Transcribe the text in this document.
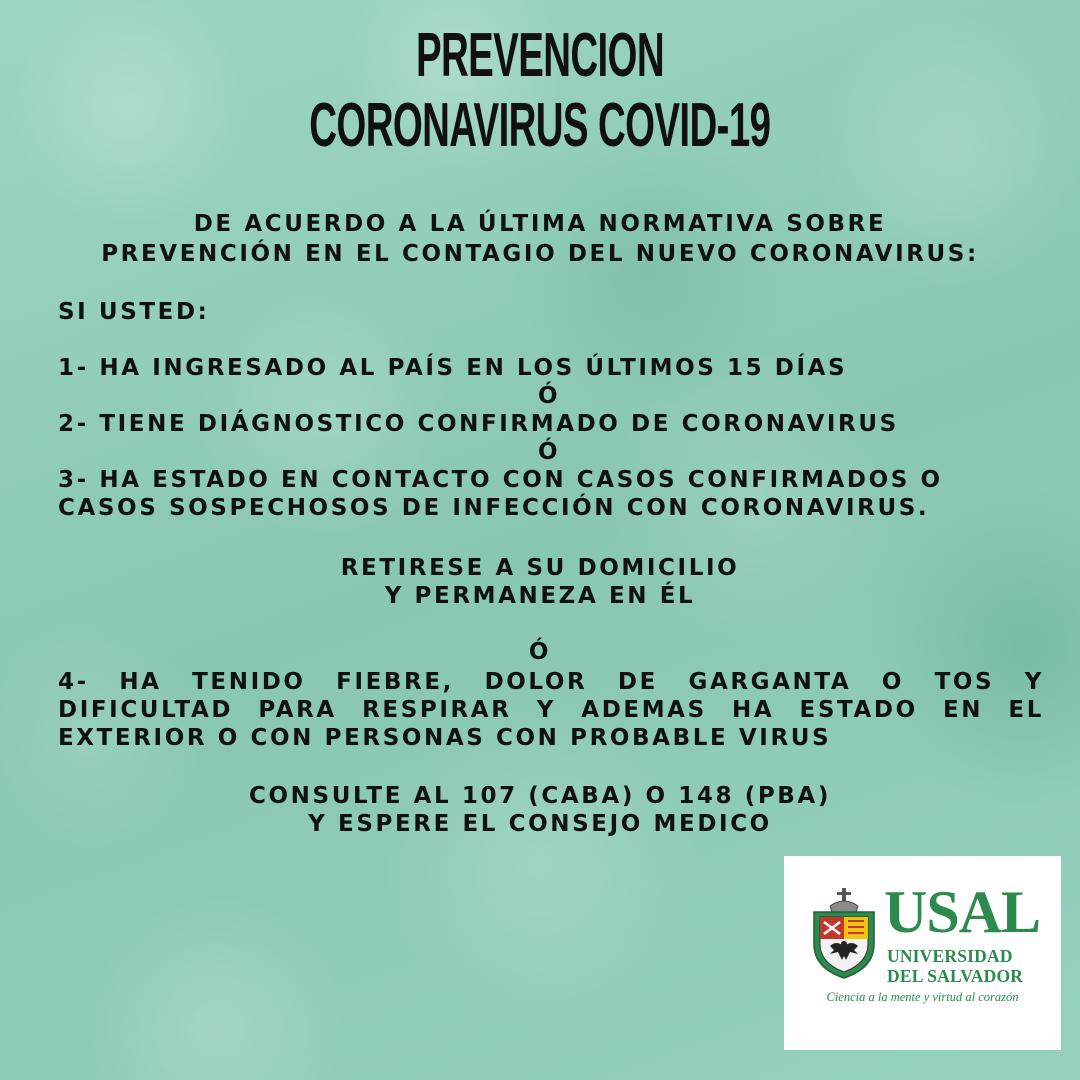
PREVENCION
CORONAVIRUS COVID-19
DE ACUERDO A LA ÚLTIMA NORMATIVA SOBRE
PREVENCIÓN EN EL CONTAGIO DEL NUEVO CORONAVIRUS:
SI USTED:
1- HA INGRESADO AL PAÍS EN LOS ÚLTIMOS 15 DÍAS
Ó
2- TIENE DIÁGNOSTICO CONFIRMADO DE CORONAVIRUS
Ó
3- HA ESTADO EN CONTACTO CON CASOS CONFIRMADOS O
CASOS SOSPECHOSOS DE INFECCIÓN CON CORONAVIRUS.
RETIRESE A SU DOMICILIO
Y PERMANEZA EN ÉL
Ó
4- HA TENIDO FIEBRE, DOLOR DE GARGANTA O TOS Y
DIFICULTAD PARA RESPIRAR Y ADEMAS HA ESTADO EN EL
EXTERIOR O CON PERSONAS CON PROBABLE VIRUS
CONSULTE AL 107 (CABA) O 148 (PBA)
Y ESPERE EL CONSEJO MEDICO
USAL
UNIVERSIDAD
DEL SALVADOR
Ciencia a la mente y virtud al corazón
